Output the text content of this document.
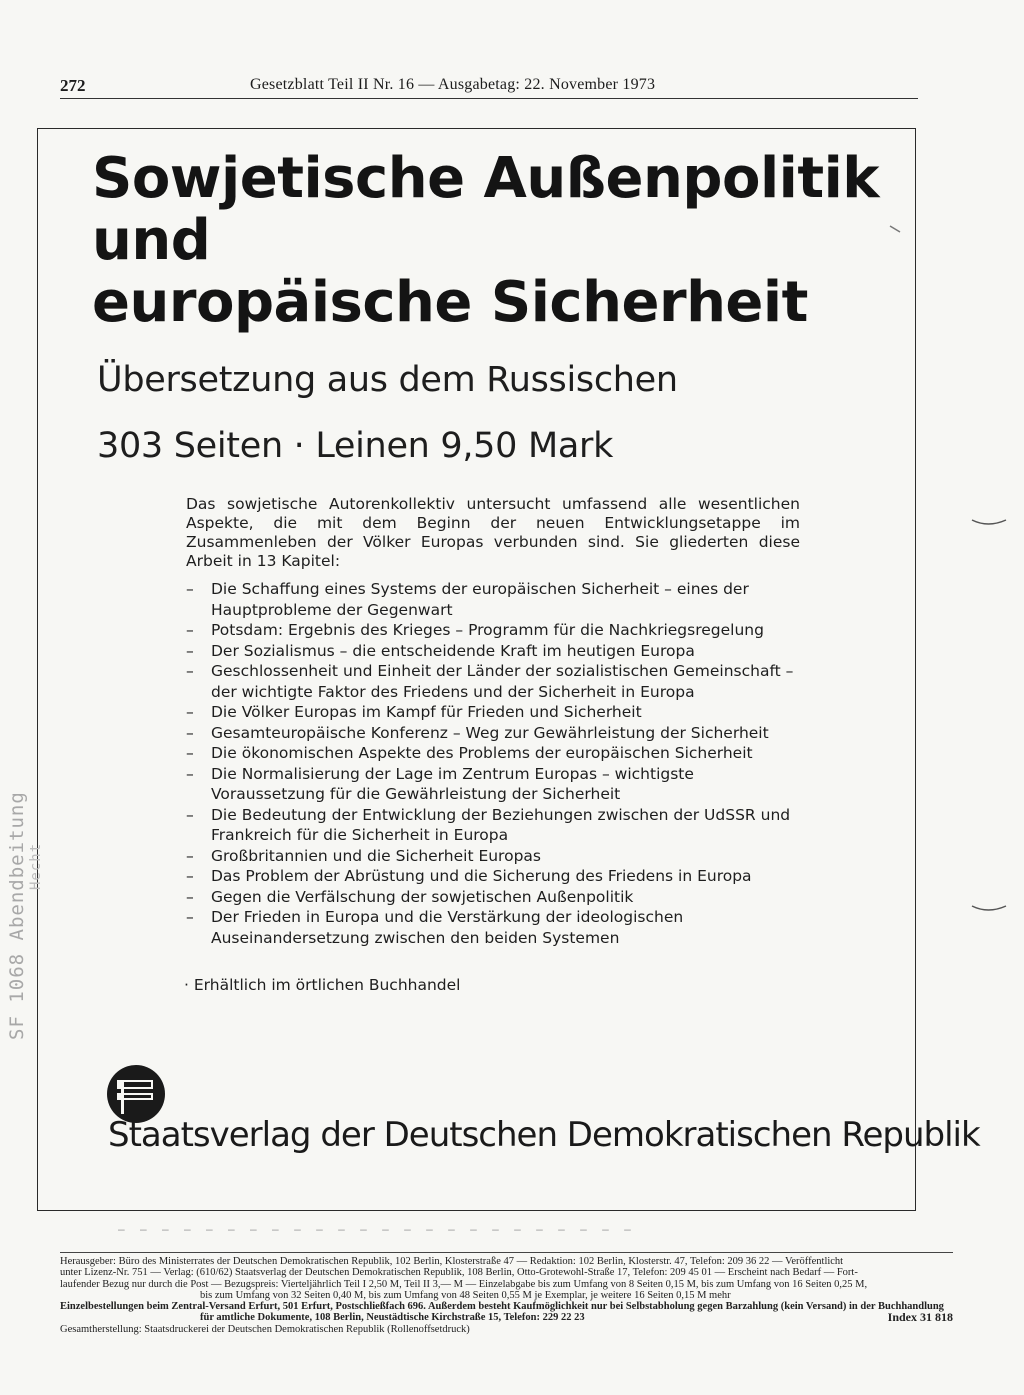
272	Gesetzblatt Teil II Nr. 16 — Ausgabetag: 22. November 1973
Sowjetische Außenpolitik
und
europäische Sicherheit
Übersetzung aus dem Russischen
303 Seiten · Leinen 9,50 Mark

Das sowjetische Autorenkollektiv untersucht umfassend alle wesentlichen Aspekte, die mit dem Beginn der neuen Entwicklungsetappe im Zusammenleben der Völker Europas verbunden sind. Sie gliederten diese Arbeit in 13 Kapitel:

– Die Schaffung eines Systems der europäischen Sicherheit – eines der Hauptprobleme der Gegenwart
– Potsdam: Ergebnis des Krieges – Programm für die Nachkriegsregelung
– Der Sozialismus – die entscheidende Kraft im heutigen Europa
– Geschlossenheit und Einheit der Länder der sozialistischen Gemeinschaft – der wichtigte Faktor des Friedens und der Sicherheit in Europa
– Die Völker Europas im Kampf für Frieden und Sicherheit
– Gesamteuropäische Konferenz – Weg zur Gewährleistung der Sicherheit
– Die ökonomischen Aspekte des Problems der europäischen Sicherheit
– Die Normalisierung der Lage im Zentrum Europas – wichtigste Voraussetzung für die Gewährleistung der Sicherheit
– Die Bedeutung der Entwicklung der Beziehungen zwischen der UdSSR und Frankreich für die Sicherheit in Europa
– Großbritannien und die Sicherheit Europas
– Das Problem der Abrüstung und die Sicherung des Friedens in Europa
– Gegen die Verfälschung der sowjetischen Außenpolitik
– Der Frieden in Europa und die Verstärkung der ideologischen Auseinandersetzung zwischen den beiden Systemen
· Erhältlich im örtlichen Buchhandel
Staatsverlag der Deutschen Demokratischen Republik
– – – – – – – – – – – – – – – – – – – – – – – –

Herausgeber: Büro des Ministerrates der Deutschen Demokratischen Republik, 102 Berlin, Klosterstraße 47 — Redaktion: 102 Berlin, Klosterstr. 47, Telefon: 209 36 22 — Veröffentlicht

unter Lizenz-Nr. 751 — Verlag: (610/62) Staatsverlag der Deutschen Demokratischen Republik, 108 Berlin, Otto-Grotewohl-Straße 17, Telefon: 209 45 01 — Erscheint nach Bedarf — Fort-

laufender Bezug nur durch die Post — Bezugspreis: Vierteljährlich Teil I 2,50 M, Teil II 3,— M — Einzelabgabe bis zum Umfang von 8 Seiten 0,15 M, bis zum Umfang von 16 Seiten 0,25 M,

bis zum Umfang von 32 Seiten 0,40 M, bis zum Umfang von 48 Seiten 0,55 M je Exemplar, je weitere 16 Seiten 0,15 M mehr

Einzelbestellungen beim Zentral-Versand Erfurt, 501 Erfurt, Postschließfach 696. Außerdem besteht Kaufmöglichkeit nur bei Selbstabholung gegen Barzahlung (kein Versand) in der Buchhandlung

für amtliche Dokumente, 108 Berlin, Neustädtische Kirchstraße 15, Telefon: 229 22 23	Index 31 818

Gesamtherstellung: Staatsdruckerei der Deutschen Demokratischen Republik (Rollenoffsetdruck)

SF 1068 Abendbeitung Hecht
